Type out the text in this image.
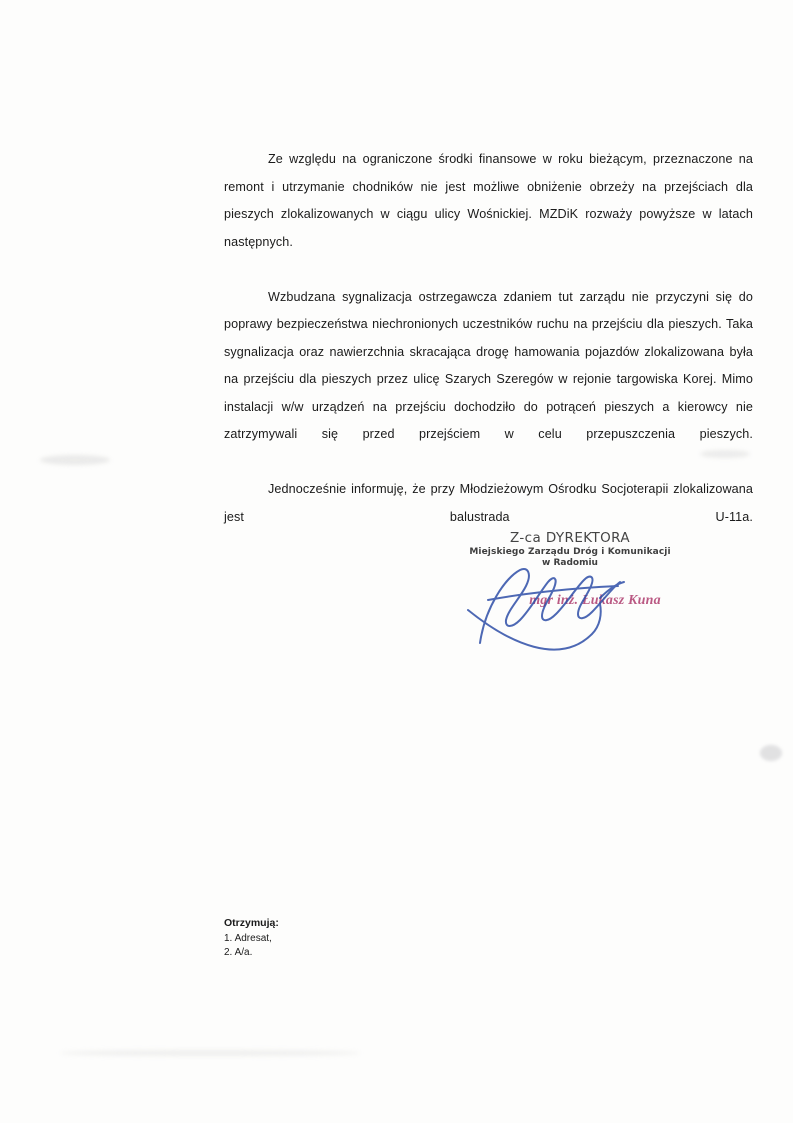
Ze względu na ograniczone środki finansowe w roku bieżącym, przeznaczone na remont i utrzymanie chodników nie jest możliwe obniżenie obrzeży na przejściach dla pieszych zlokalizowanych w ciągu ulicy Wośnickiej. MZDiK rozważy powyższe w latach następnych.

Wzbudzana sygnalizacja ostrzegawcza zdaniem tut zarządu nie przyczyni się do poprawy bezpieczeństwa niechronionych uczestników ruchu na przejściu dla pieszych. Taka sygnalizacja oraz nawierzchnia skracająca drogę hamowania pojazdów zlokalizowana była na przejściu dla pieszych przez ulicę Szarych Szeregów w rejonie targowiska Korej. Mimo instalacji w/w urządzeń na przejściu dochodziło do potrąceń pieszych a kierowcy nie zatrzymywali się przed przejściem w celu przepuszczenia pieszych.

Jednocześnie informuję, że przy Młodzieżowym Ośrodku Socjoterapii zlokalizowana jest balustrada U-11a.

Z-ca DYREKTORA
Miejskiego Zarządu Dróg i Komunikacji
w Radomiu
mgr inż. Łukasz Kuna
Otrzymują:
1. Adresat,
2. A/a.
